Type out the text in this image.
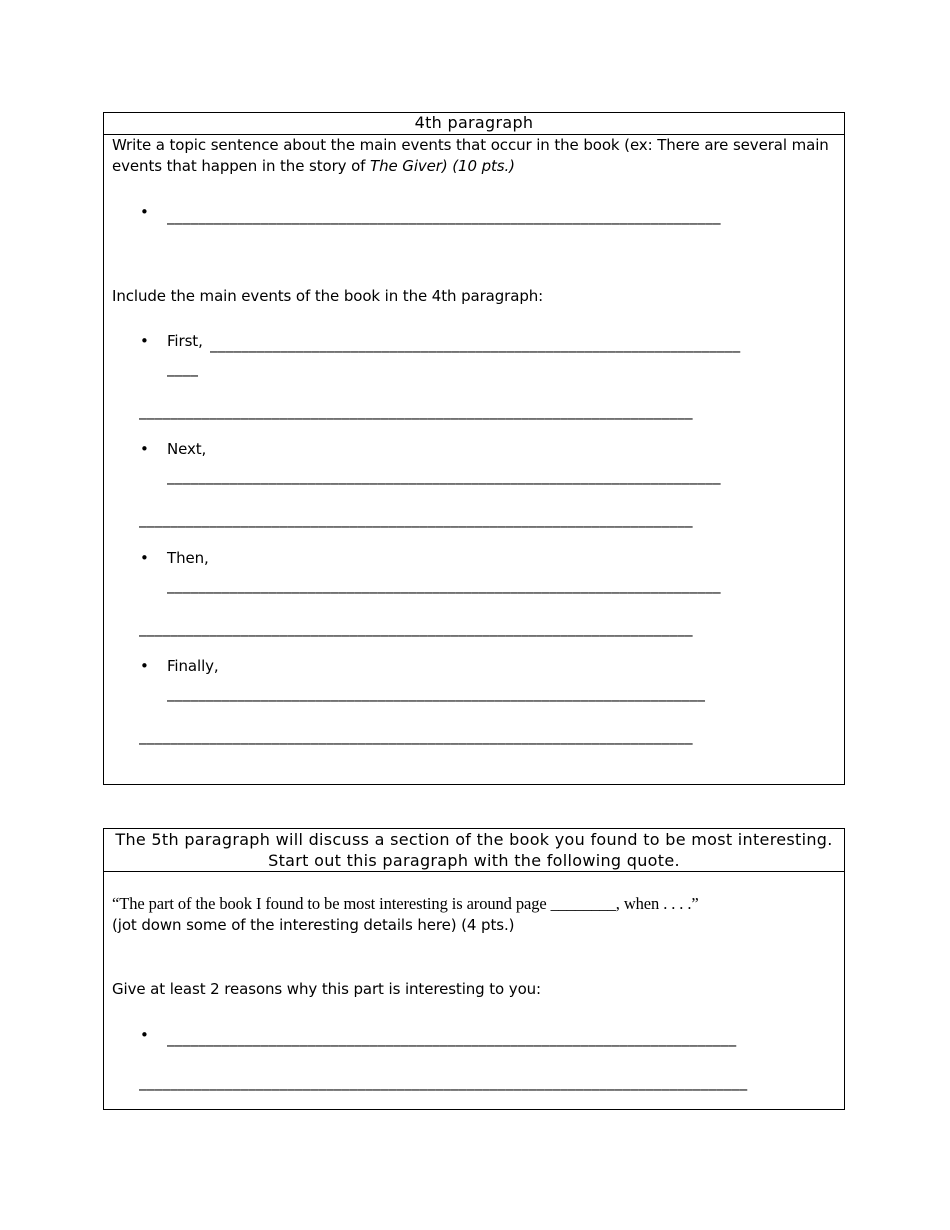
4th paragraph
Write a topic sentence about the main events that occur in the book (ex: There are several main
events that happen in the story of The Giver) (10 pts.)
• _______________________________________________________________________
Include the main events of the book in the 4th paragraph:
• First, ____________________________________________________________________
____
_______________________________________________________________________
• Next,
_______________________________________________________________________
_______________________________________________________________________
• Then,
_______________________________________________________________________
_______________________________________________________________________
• Finally,
_____________________________________________________________________
_______________________________________________________________________
The 5th paragraph will discuss a section of the book you found to be most interesting.
Start out this paragraph with the following quote.
“The part of the book I found to be most interesting is around page ________, when . . . .”
(jot down some of the interesting details here) (4 pts.)
Give at least 2 reasons why this part is interesting to you:
• _________________________________________________________________________
______________________________________________________________________________
